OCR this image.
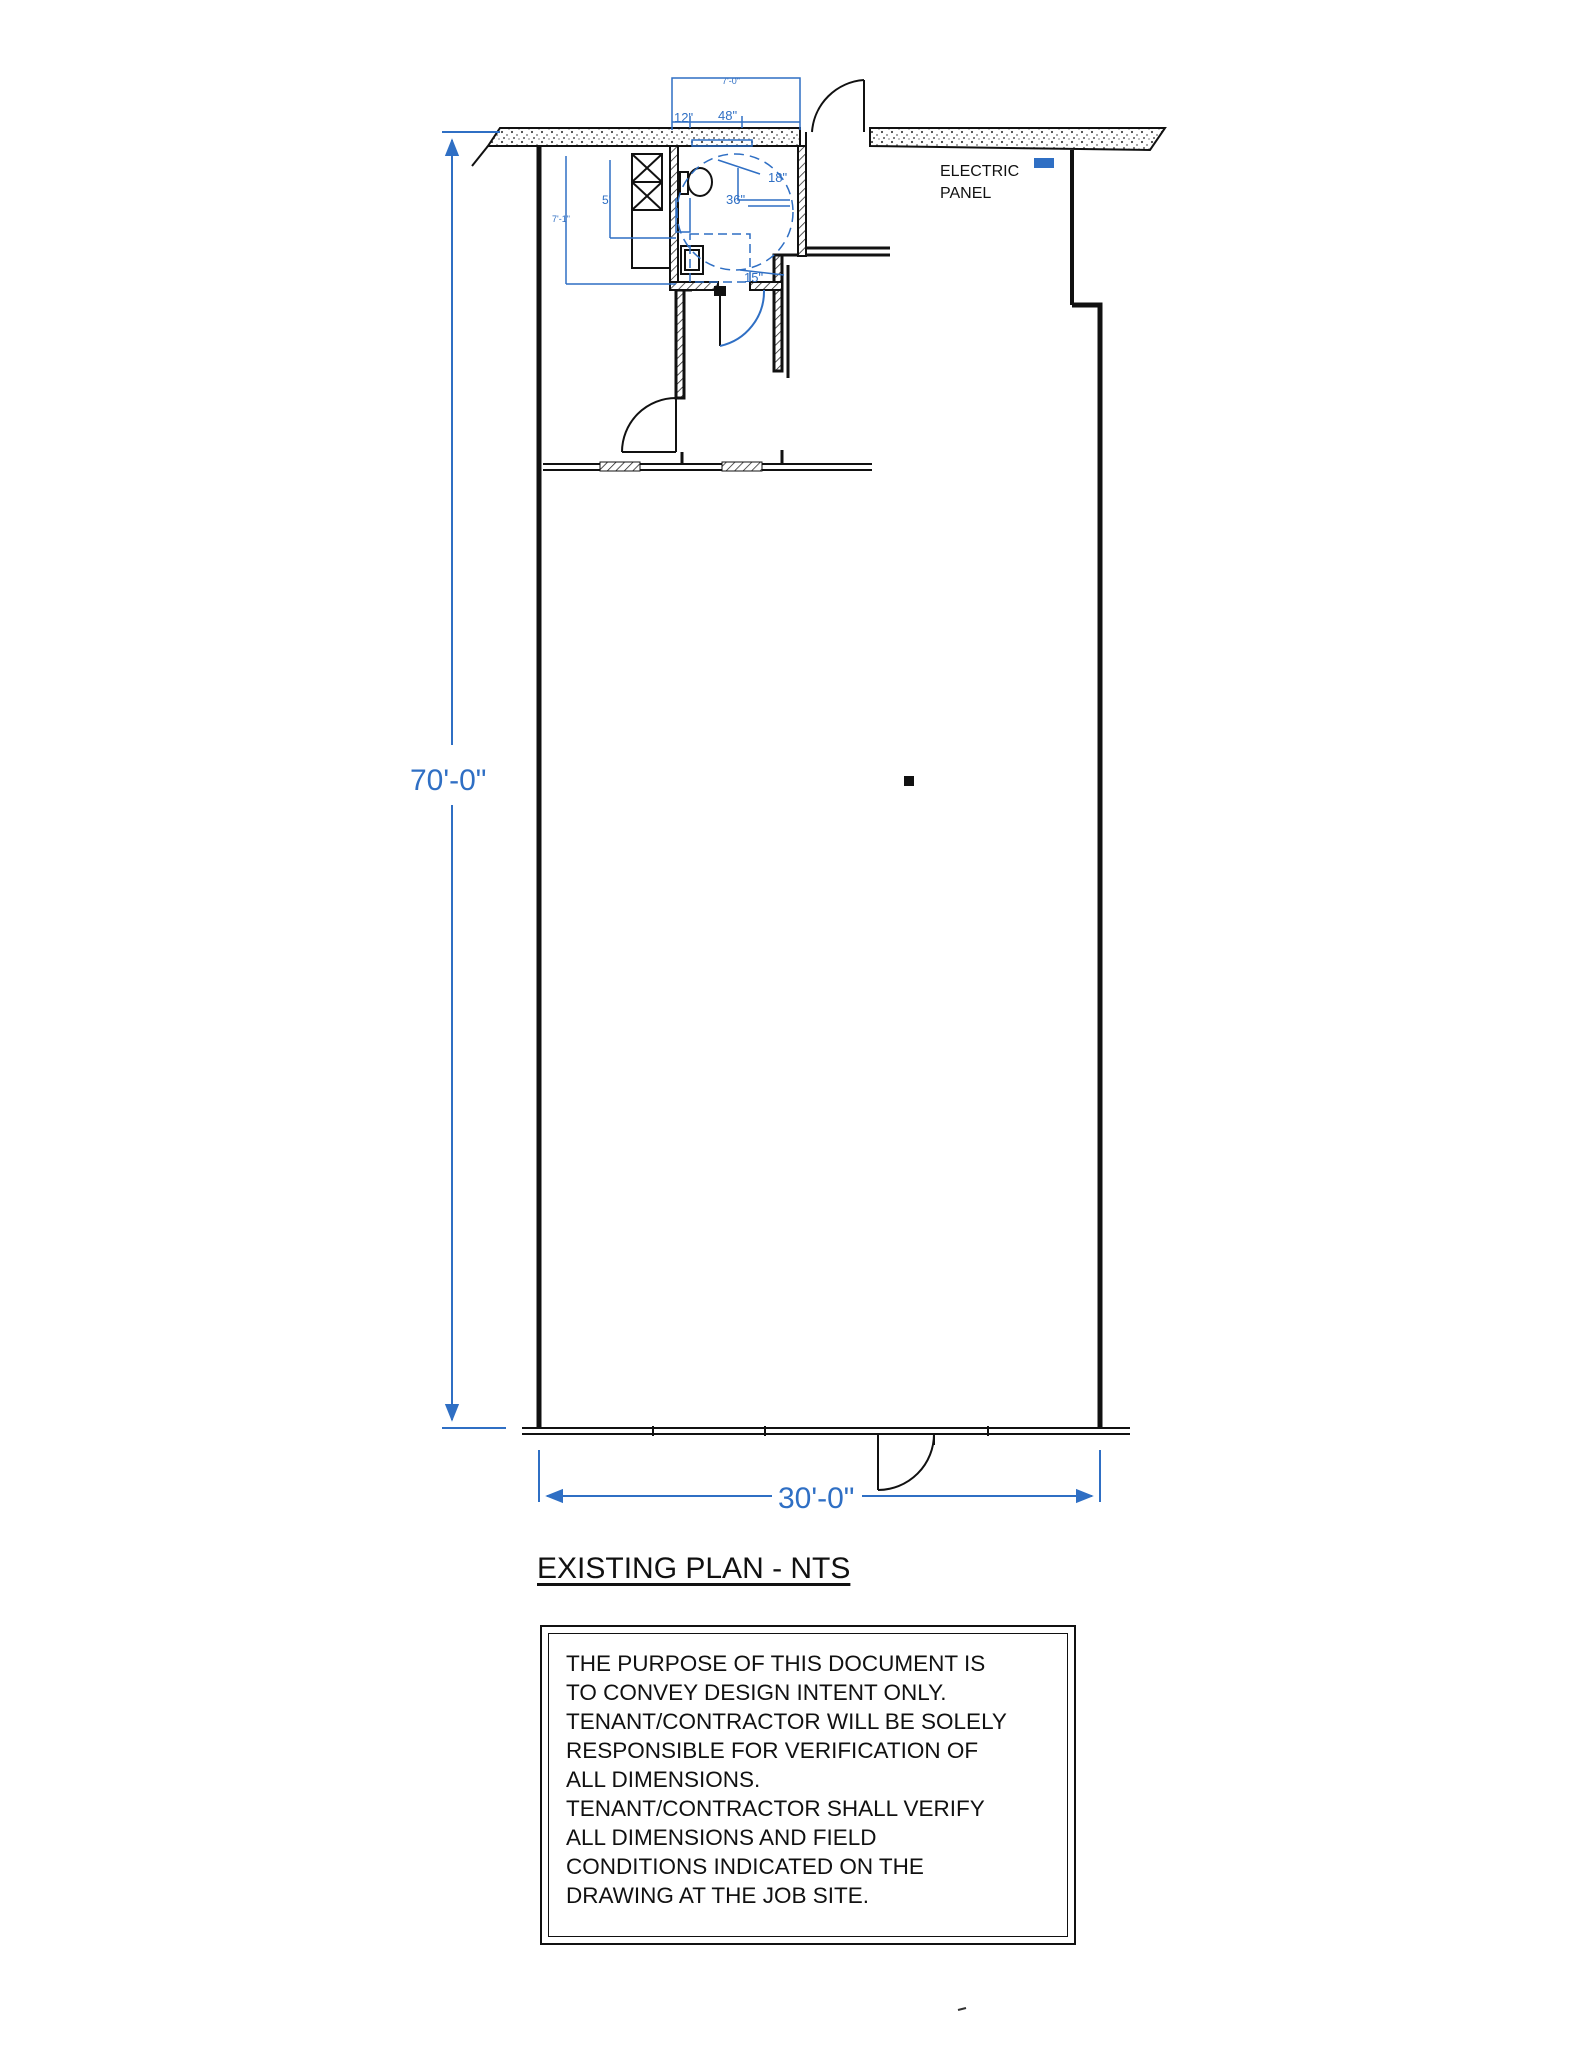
7'-0"
12" 48"
18"
36"
15"
5'
7'-1"
ELECTRIC
PANEL
70'-0"
30'-0"
EXISTING PLAN - NTS
THE PURPOSE OF THIS DOCUMENT IS
TO CONVEY DESIGN INTENT ONLY.
TENANT/CONTRACTOR WILL BE SOLELY
RESPONSIBLE FOR VERIFICATION OF
ALL DIMENSIONS.
TENANT/CONTRACTOR SHALL VERIFY
ALL DIMENSIONS AND FIELD
CONDITIONS INDICATED ON THE
DRAWING AT THE JOB SITE.
